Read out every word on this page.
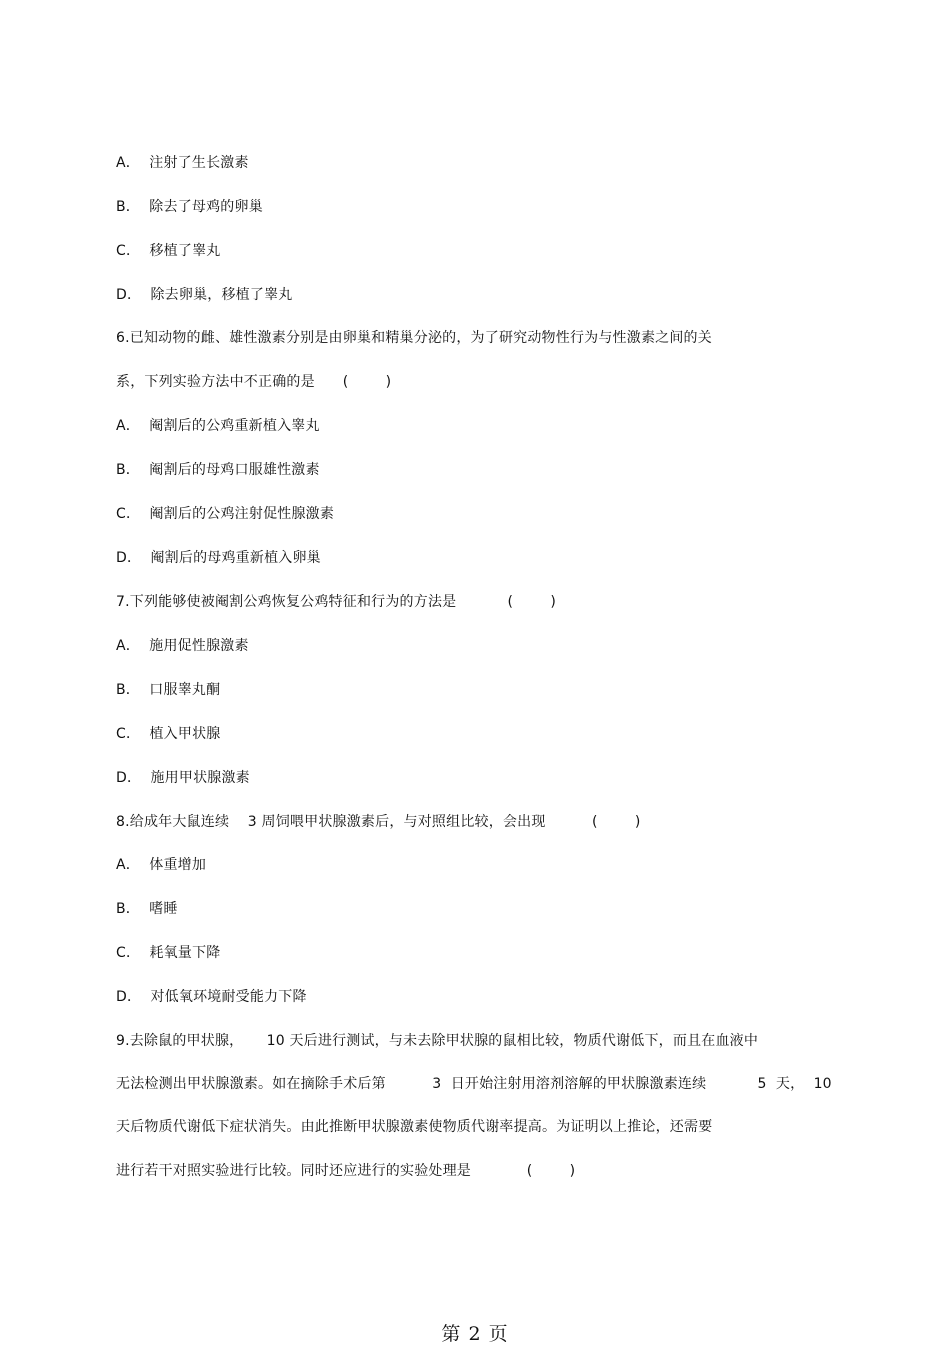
A．  注射了生长激素
B．  除去了母鸡的卵巢
C．  移植了睾丸
D．  除去卵巢，移植了睾丸
6.已知动物的雌、雄性激素分别是由卵巢和精巢分泌的，为了研究动物性行为与性激素之间的关
系，下列实验方法中不正确的是      (        )
A．  阉割后的公鸡重新植入睾丸
B．  阉割后的母鸡口服雄性激素
C．  阉割后的公鸡注射促性腺激素
D．  阉割后的母鸡重新植入卵巢
7.下列能够使被阉割公鸡恢复公鸡特征和行为的方法是           (        )
A．  施用促性腺激素
B．  口服睾丸酮
C．  植入甲状腺
D．  施用甲状腺激素
8.给成年大鼠连续    3 周饲喂甲状腺激素后，与对照组比较，会出现          (        )
A．  体重增加
B．  嗜睡
C．  耗氧量下降
D．  对低氧环境耐受能力下降
9.去除鼠的甲状腺，     10 天后进行测试，与未去除甲状腺的鼠相比较，物质代谢低下，而且在血液中
无法检测出甲状腺激素。如在摘除手术后第          3  日开始注射用溶剂溶解的甲状腺激素连续           5  天，  10
天后物质代谢低下症状消失。由此推断甲状腺激素使物质代谢率提高。为证明以上推论，还需要
进行若干对照实验进行比较。同时还应进行的实验处理是            (        )
第 2 页
